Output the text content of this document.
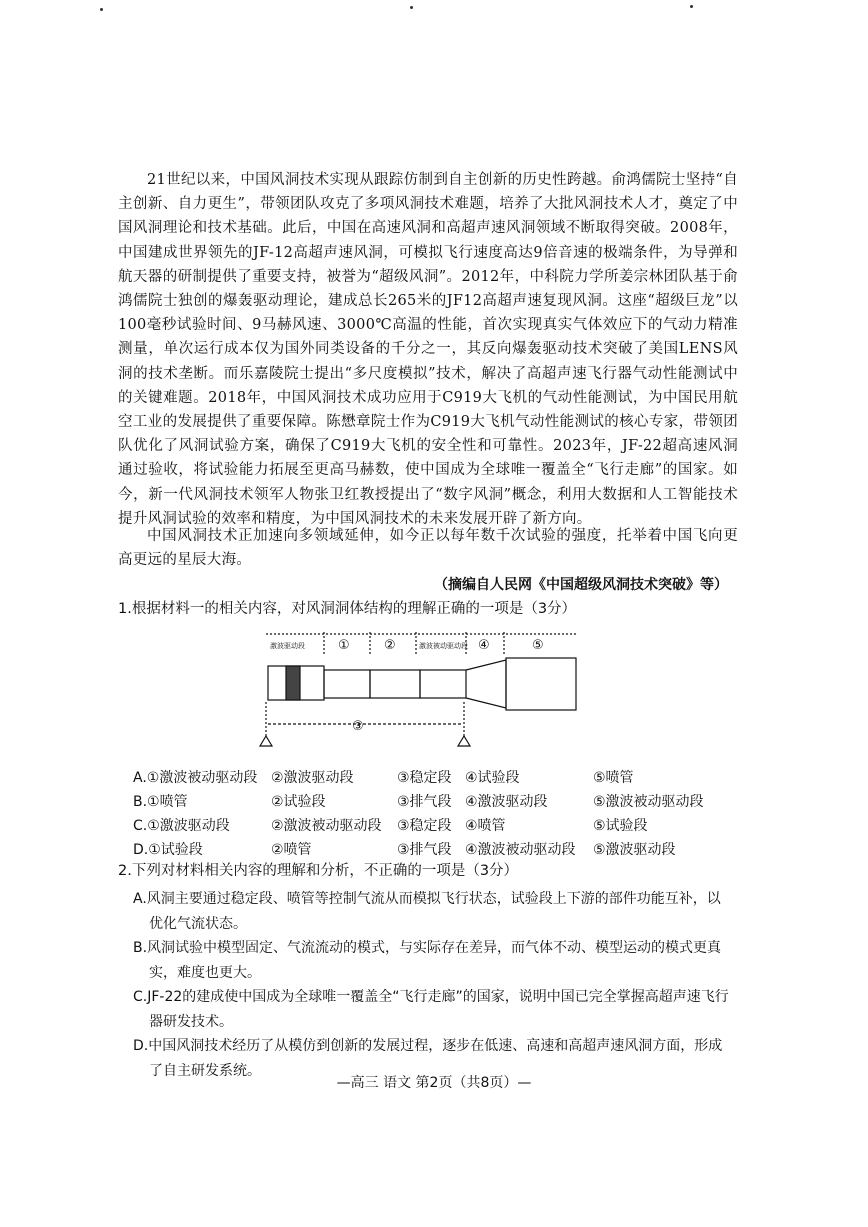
21世纪以来，中国风洞技术实现从跟踪仿制到自主创新的历史性跨越。俞鸿儒院士坚持“自主创新、自力更生”，带领团队攻克了多项风洞技术难题，培养了大批风洞技术人才，奠定了中国风洞理论和技术基础。此后，中国在高速风洞和高超声速风洞领域不断取得突破。2008年，中国建成世界领先的JF-12高超声速风洞，可模拟飞行速度高达9倍音速的极端条件，为导弹和航天器的研制提供了重要支持，被誉为“超级风洞”。2012年，中科院力学所姜宗林团队基于俞鸿儒院士独创的爆轰驱动理论，建成总长265米的JF12高超声速复现风洞。这座“超级巨龙”以100毫秒试验时间、9马赫风速、3000℃高温的性能，首次实现真实气体效应下的气动力精准测量，单次运行成本仅为国外同类设备的千分之一，其反向爆轰驱动技术突破了美国LENS风洞的技术垄断。而乐嘉陵院士提出“多尺度模拟”技术，解决了高超声速飞行器气动性能测试中的关键难题。2018年，中国风洞技术成功应用于C919大飞机的气动性能测试，为中国民用航空工业的发展提供了重要保障。陈懋章院士作为C919大飞机气动性能测试的核心专家，带领团队优化了风洞试验方案，确保了C919大飞机的安全性和可靠性。2023年，JF-22超高速风洞通过验收，将试验能力拓展至更高马赫数，使中国成为全球唯一覆盖全“飞行走廊”的国家。如今，新一代风洞技术领军人物张卫红教授提出了“数字风洞”概念，利用大数据和人工智能技术提升风洞试验的效率和精度，为中国风洞技术的未来发展开辟了新方向。
中国风洞技术正加速向多领域延伸，如今正以每年数千次试验的强度，托举着中国飞向更高更远的星辰大海。
（摘编自人民网《中国超级风洞技术突破》等）
1.根据材料一的相关内容，对风洞洞体结构的理解正确的一项是（3分）
激波驱动段	①	②	激波被动驱动段 ④	⑤
③
A.①激波被动驱动段 ②激波驱动段	③稳定段 ④试验段	⑤喷管
B.①喷管	②试验段	③排气段 ④激波驱动段	⑤激波被动驱动段
C.①激波驱动段	②激波被动驱动段	③稳定段 ④喷管	⑤试验段
D.①试验段	②喷管	③排气段 ④激波被动驱动段	⑤激波驱动段
2.下列对材料相关内容的理解和分析，不正确的一项是（3分）
A.风洞主要通过稳定段、喷管等控制气流从而模拟飞行状态，试验段上下游的部件功能互补，以优化气流状态。
B.风洞试验中模型固定、气流流动的模式，与实际存在差异，而气体不动、模型运动的模式更真实，难度也更大。
C.JF-22的建成使中国成为全球唯一覆盖全“飞行走廊”的国家，说明中国已完全掌握高超声速飞行器研发技术。
D.中国风洞技术经历了从模仿到创新的发展过程，逐步在低速、高速和高超声速风洞方面，形成了自主研发系统。
—高三 语文 第2页（共8页）—
